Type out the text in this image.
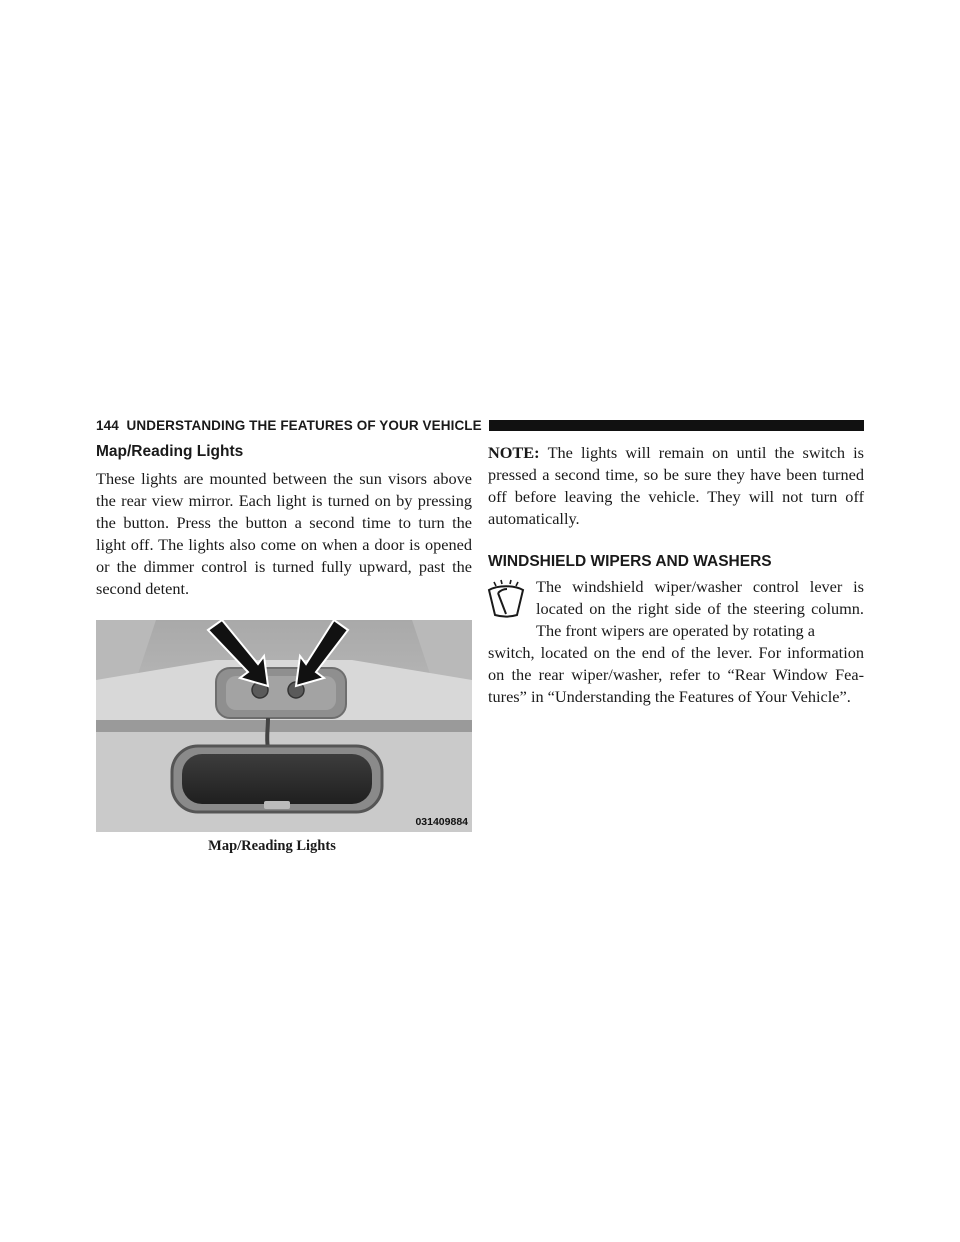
144 UNDERSTANDING THE FEATURES OF YOUR VEHICLE
Map/Reading Lights

These lights are mounted between the sun visors above the rear view mirror. Each light is turned on by pressing the button. Press the button a second time to turn the light off. The lights also come on when a door is opened or the dimmer control is turned fully upward, past the second detent.

031409884
Map/Reading Lights

NOTE: The lights will remain on until the switch is pressed a second time, so be sure they have been turned off before leaving the vehicle. They will not turn off automatically.

WINDSHIELD WIPERS AND WASHERS

The windshield wiper/washer control lever is located on the right side of the steering column. The front wipers are operated by rotating a

switch, located on the end of the lever. For information on the rear wiper/washer, refer to “Rear Window Fea-tures” in “Understanding the Features of Your Vehicle”.
